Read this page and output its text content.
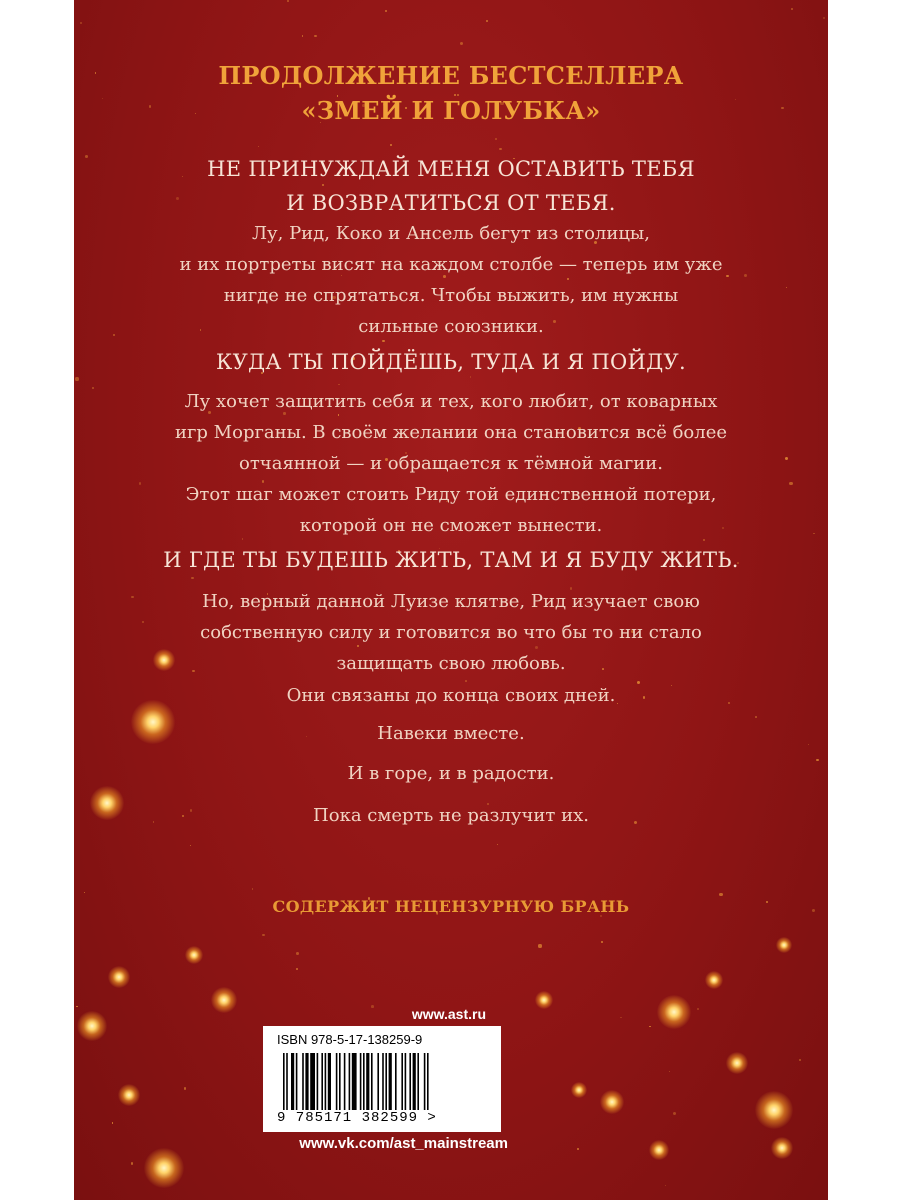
ПРОДОЛЖЕНИЕ БЕСТСЕЛЛЕРА
«ЗМЕЙ И ГОЛУБКА»
НЕ ПРИНУЖДАЙ МЕНЯ ОСТАВИТЬ ТЕБЯ
И ВОЗВРАТИТЬСЯ ОТ ТЕБЯ.
Лу, Рид, Коко и Ансель бегут из столицы,
и их портреты висят на каждом столбе — теперь им уже
нигде не спрятаться. Чтобы выжить, им нужны
сильные союзники.
КУДА ТЫ ПОЙДЁШЬ, ТУДА И Я ПОЙДУ.
Лу хочет защитить себя и тех, кого любит, от коварных
игр Морганы. В своём желании она становится всё более
отчаянной — и обращается к тёмной магии.
Этот шаг может стоить Риду той единственной потери,
которой он не сможет вынести.
И ГДЕ ТЫ БУДЕШЬ ЖИТЬ, ТАМ И Я БУДУ ЖИТЬ.
Но, верный данной Луизе клятве, Рид изучает свою
собственную силу и готовится во что бы то ни стало
защищать свою любовь.
Они связаны до конца своих дней.
Навеки вместе.
И в горе, и в радости.
Пока смерть не разлучит их.
СОДЕРЖИТ НЕЦЕНЗУРНУЮ БРАНЬ
www.ast.ru
ISBN 978-5-17-138259-9
9 785171 382599 >
www.vk.com/ast_mainstream
